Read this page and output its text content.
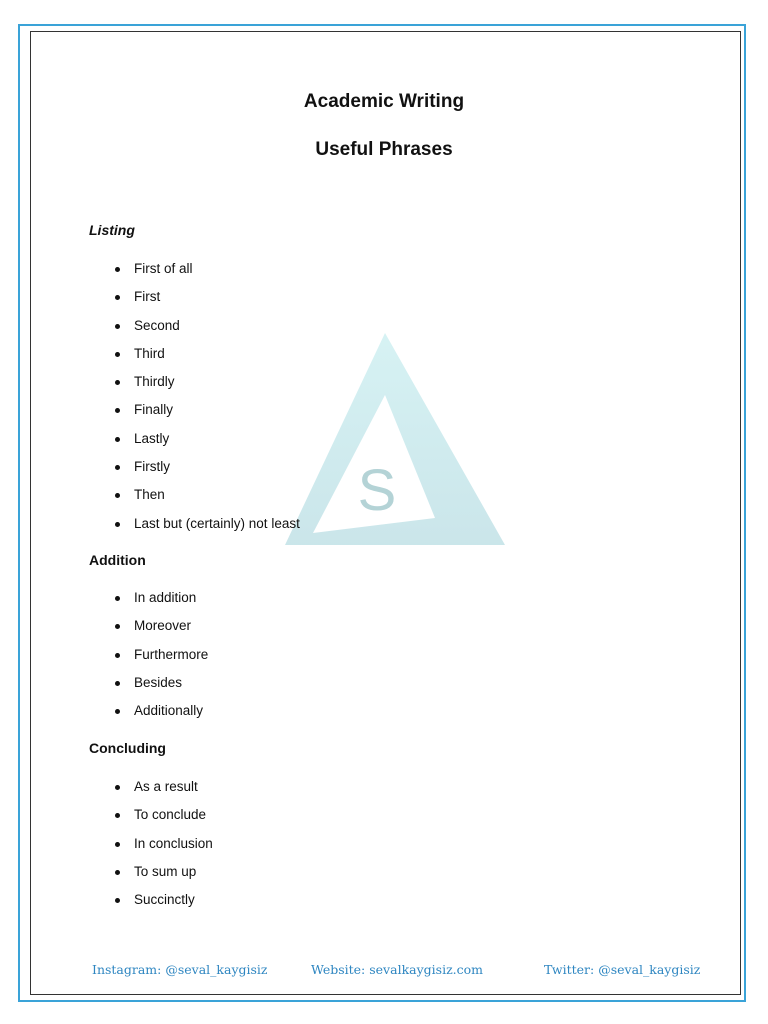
S
Academic Writing
Useful Phrases
Listing
First of all
First
Second
Third
Thirdly
Finally
Lastly
Firstly
Then
Last but (certainly) not least
Addition
In addition
Moreover
Furthermore
Besides
Additionally
Concluding
As a result
To conclude
In conclusion
To sum up
Succinctly
Instagram: @seval_kaygisiz	Website: sevalkaygisiz.com	Twitter: @seval_kaygisiz
